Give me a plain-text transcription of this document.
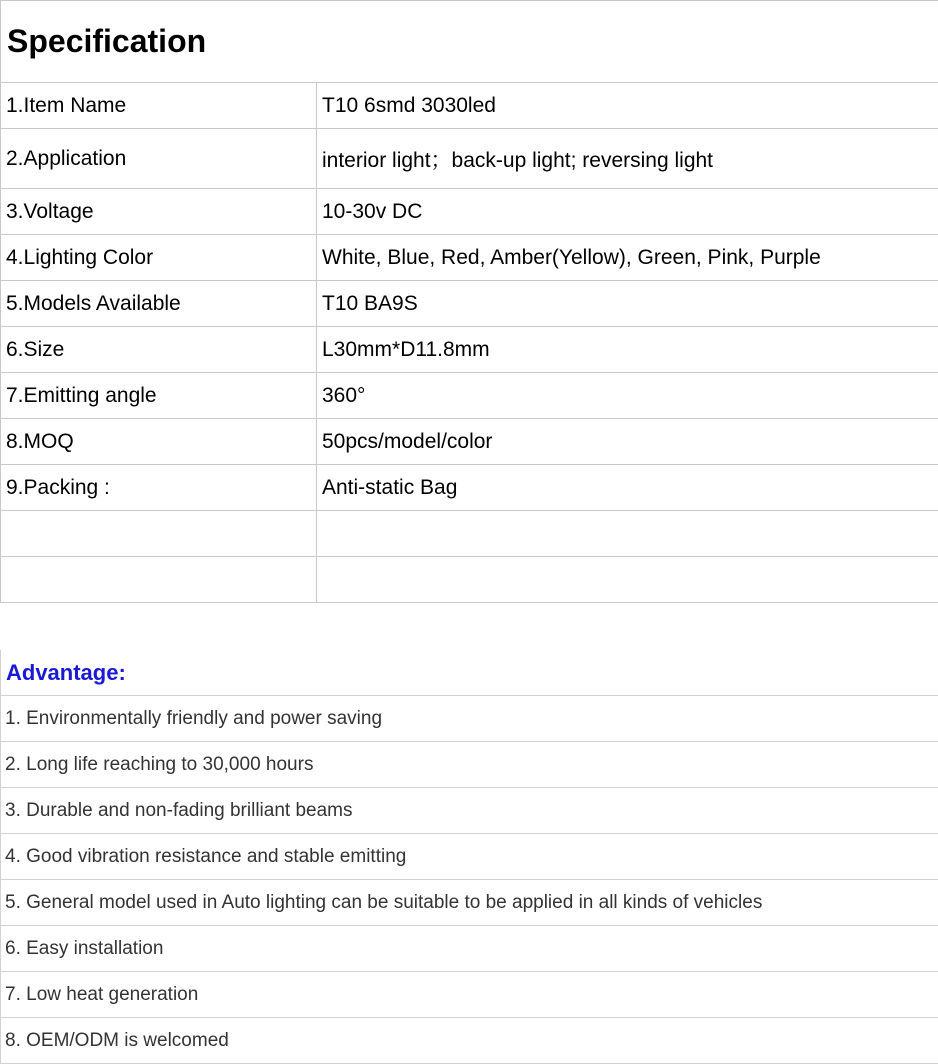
Specification	
1.Item Name	T10 6smd 3030led
2.Application	interior light；back-up light; reversing light
3.Voltage	10-30v DC
4.Lighting Color	White, Blue, Red, Amber(Yellow), Green, Pink, Purple
5.Models Available	T10 BA9S
6.Size	L30mm*D11.8mm
7.Emitting angle	360°
8.MOQ	50pcs/model/color
9.Packing :	Anti-static Bag

Advantage:
1. Environmentally friendly and power saving
2. Long life reaching to 30,000 hours
3. Durable and non-fading brilliant beams
4. Good vibration resistance and stable emitting
5. General model used in Auto lighting can be suitable to be applied in all kinds of vehicles
6. Easy installation
7. Low heat generation
8. OEM/ODM is welcomed
